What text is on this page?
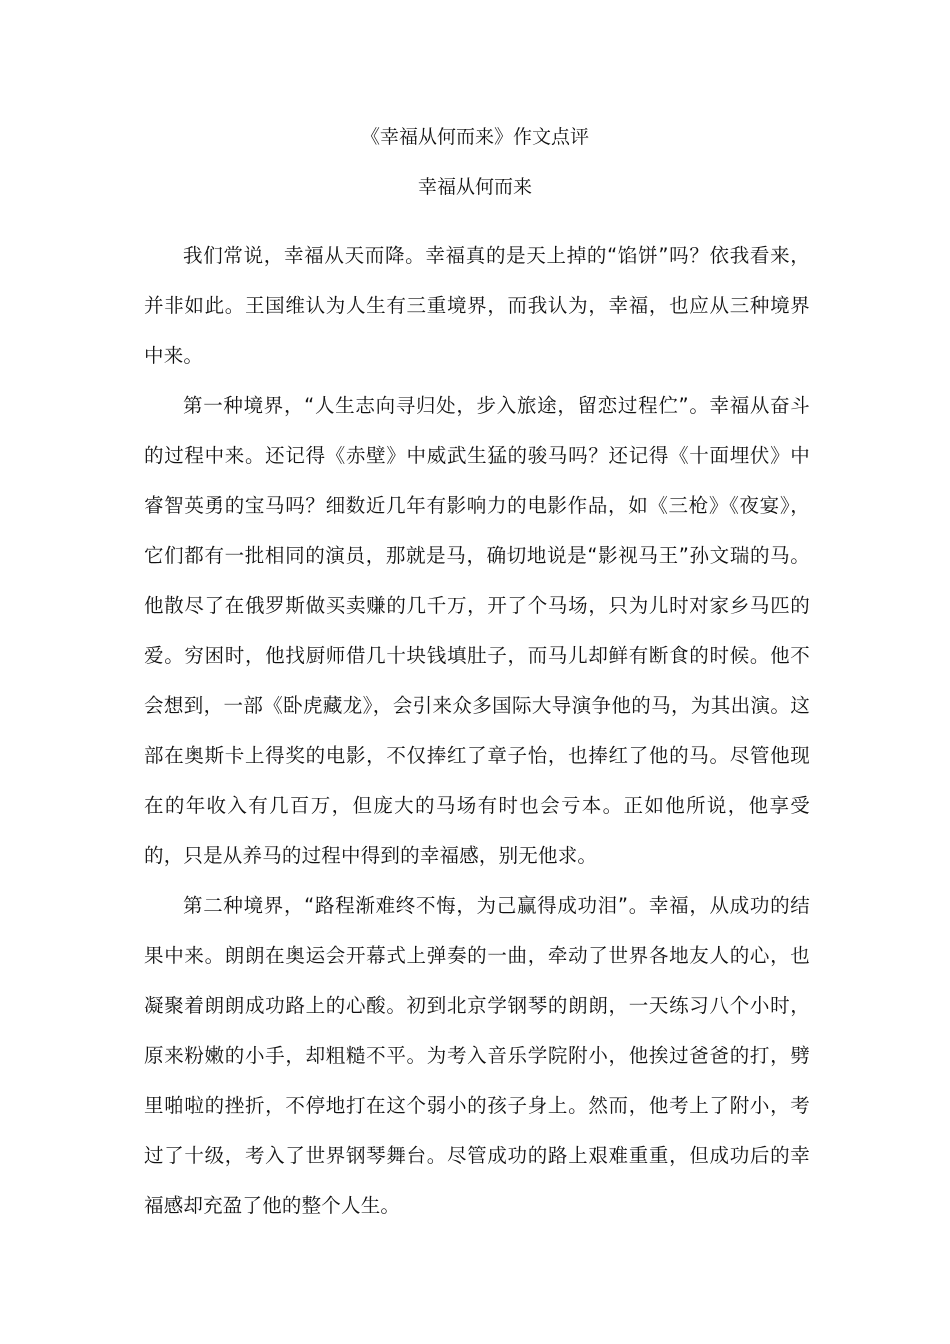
《幸福从何而来》作文点评
幸福从何而来

我们常说，幸福从天而降。幸福真的是天上掉的“馅饼”吗？依我看来，并非如此。王国维认为人生有三重境界，而我认为，幸福，也应从三种境界中来。

第一种境界，“人生志向寻归处，步入旅途，留恋过程伫”。幸福从奋斗的过程中来。还记得《赤壁》中威武生猛的骏马吗？还记得《十面埋伏》中睿智英勇的宝马吗？细数近几年有影响力的电影作品，如《三枪》《夜宴》，它们都有一批相同的演员，那就是马，确切地说是“影视马王”孙文瑞的马。他散尽了在俄罗斯做买卖赚的几千万，开了个马场，只为儿时对家乡马匹的爱。穷困时，他找厨师借几十块钱填肚子，而马儿却鲜有断食的时候。他不会想到，一部《卧虎藏龙》，会引来众多国际大导演争他的马，为其出演。这部在奥斯卡上得奖的电影，不仅捧红了章子怡，也捧红了他的马。尽管他现在的年收入有几百万，但庞大的马场有时也会亏本。正如他所说，他享受的，只是从养马的过程中得到的幸福感，别无他求。

第二种境界，“路程渐难终不悔，为己赢得成功泪”。幸福，从成功的结果中来。朗朗在奥运会开幕式上弹奏的一曲，牵动了世界各地友人的心，也凝聚着朗朗成功路上的心酸。初到北京学钢琴的朗朗，一天练习八个小时，原来粉嫩的小手，却粗糙不平。为考入音乐学院附小，他挨过爸爸的打，劈里啪啦的挫折，不停地打在这个弱小的孩子身上。然而，他考上了附小，考过了十级，考入了世界钢琴舞台。尽管成功的路上艰难重重，但成功后的幸福感却充盈了他的整个人生。
